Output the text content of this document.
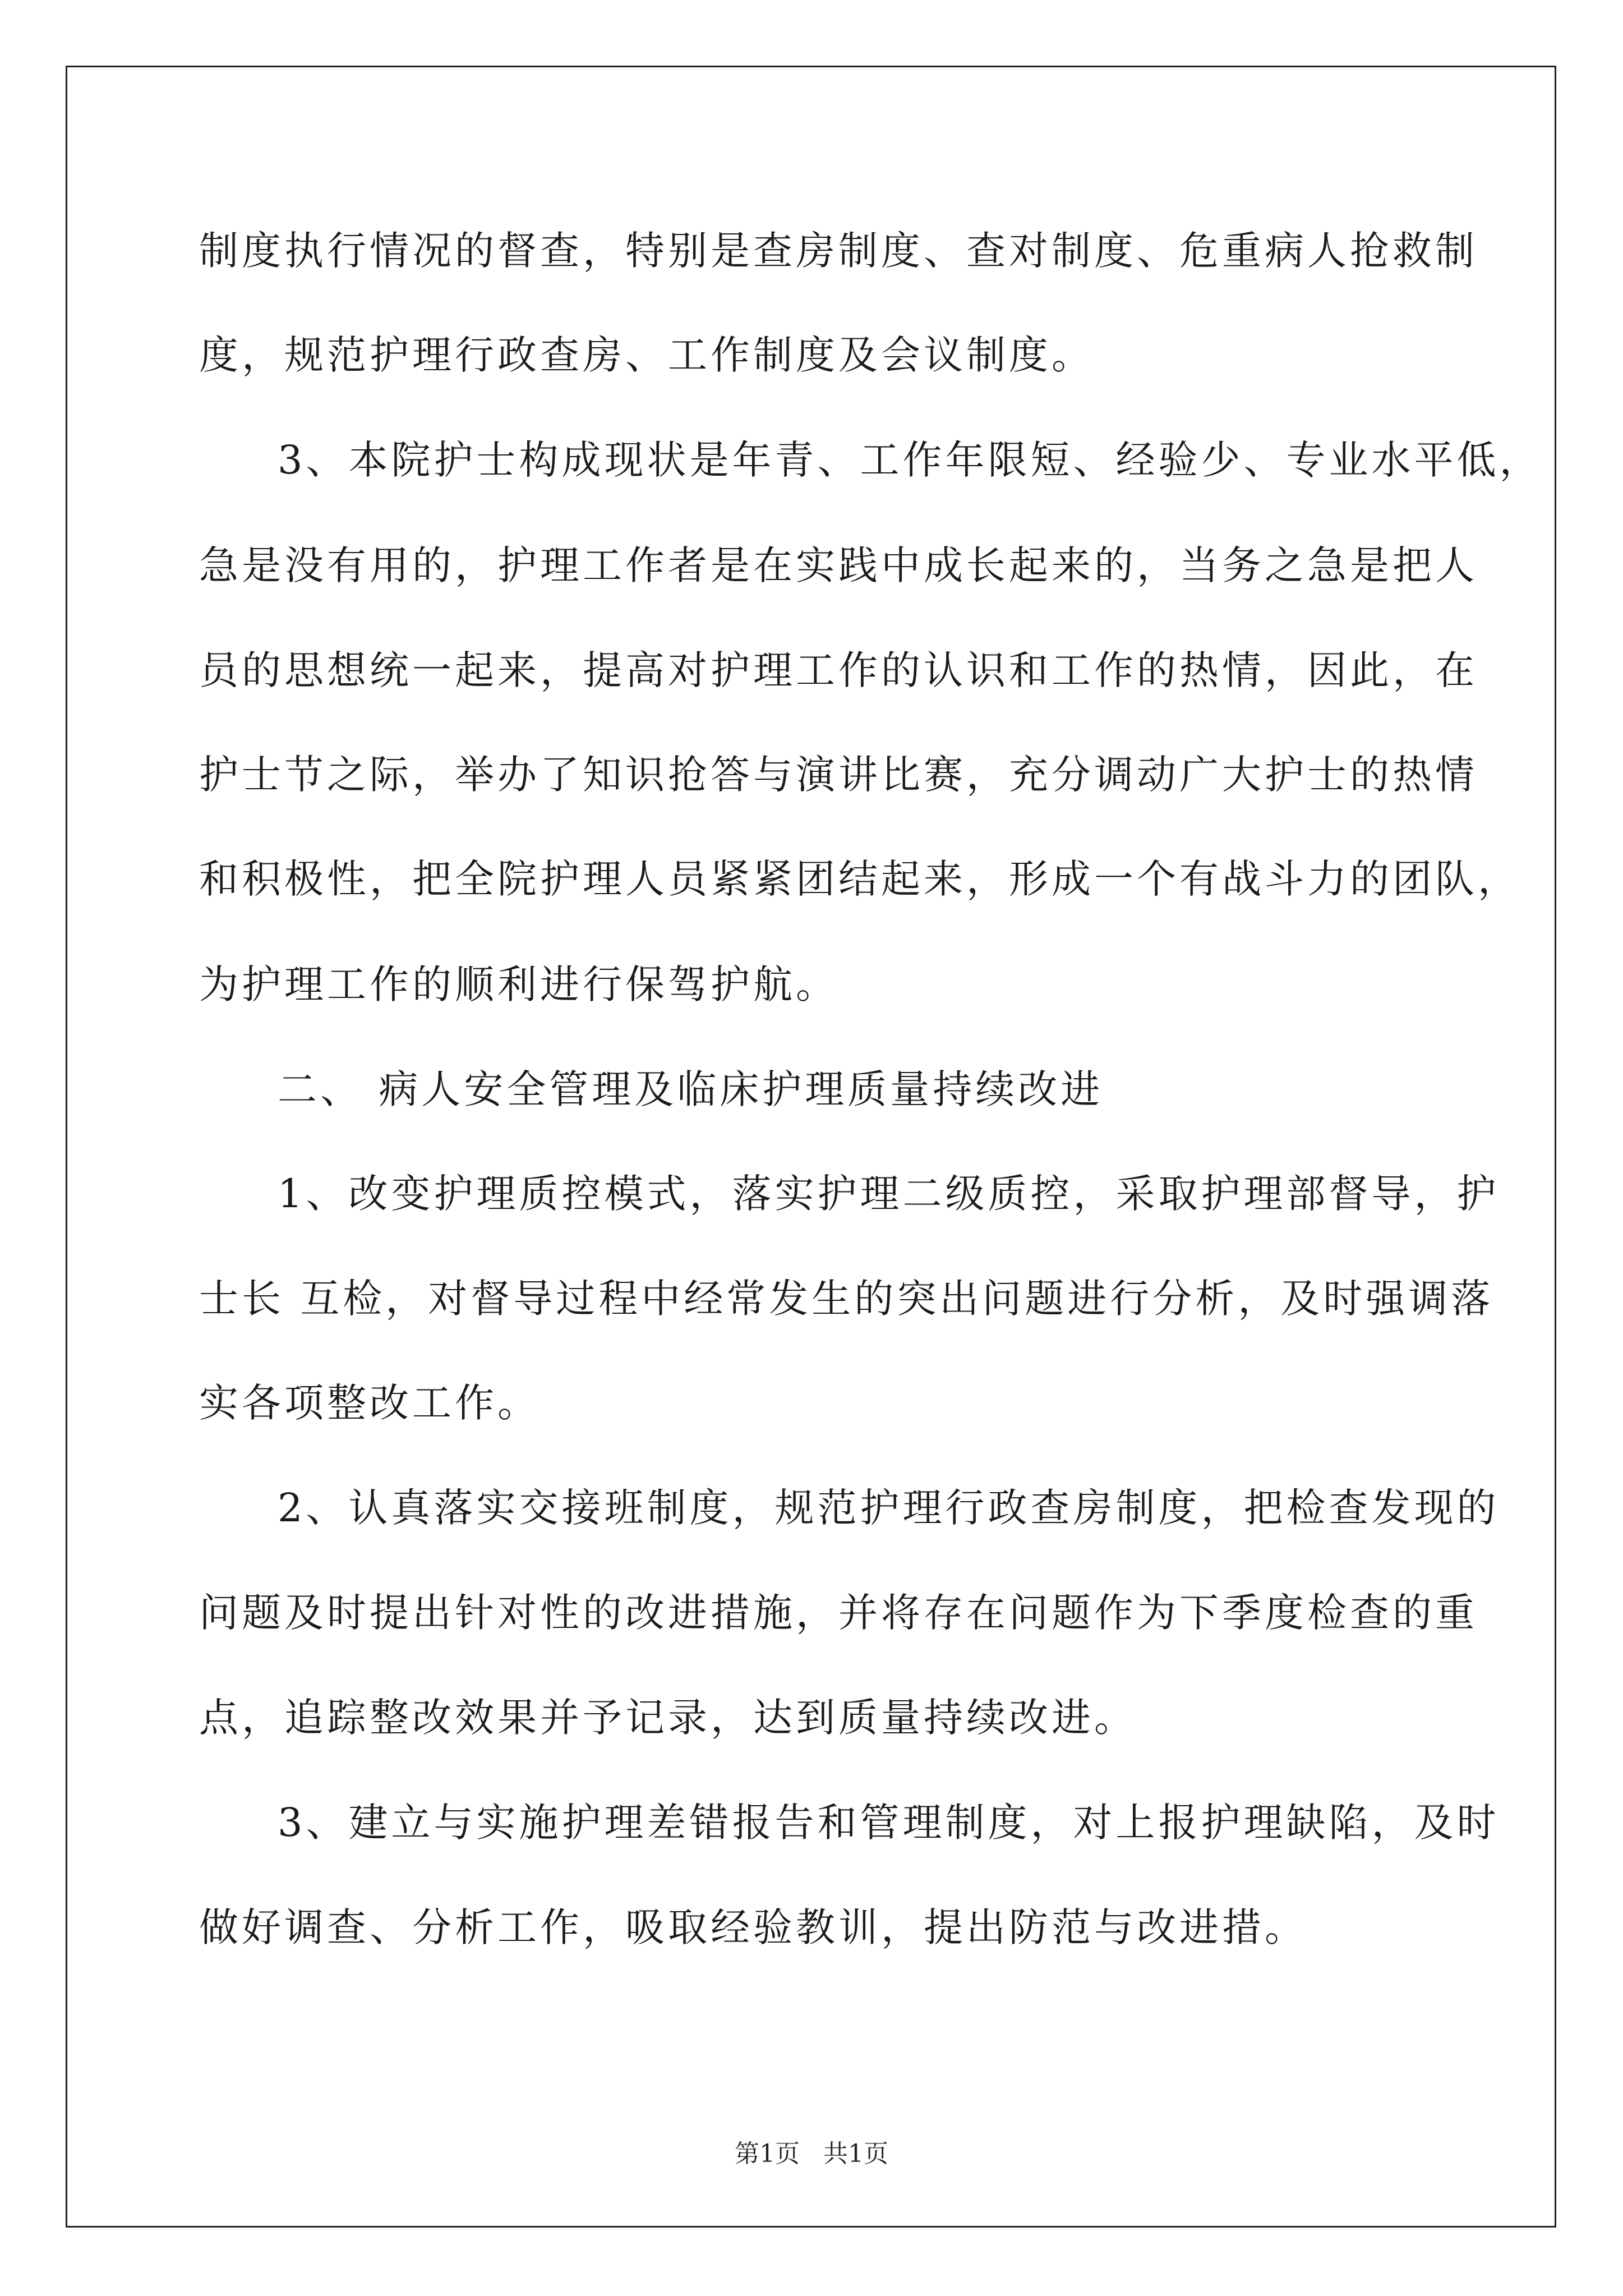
制度执行情况的督查，特别是查房制度、查对制度、危重病人抢救制
度，规范护理行政查房、工作制度及会议制度。
3、本院护士构成现状是年青、工作年限短、经验少、专业水平低，
急是没有用的，护理工作者是在实践中成长起来的，当务之急是把人
员的思想统一起来，提高对护理工作的认识和工作的热情，因此，在
护士节之际，举办了知识抢答与演讲比赛，充分调动广大护士的热情
和积极性，把全院护理人员紧紧团结起来，形成一个有战斗力的团队，
为护理工作的顺利进行保驾护航。
二、 病人安全管理及临床护理质量持续改进
1、改变护理质控模式，落实护理二级质控，采取护理部督导，护
士长 互检，对督导过程中经常发生的突出问题进行分析，及时强调落
实各项整改工作。
2、认真落实交接班制度，规范护理行政查房制度，把检查发现的
问题及时提出针对性的改进措施，并将存在问题作为下季度检查的重
点，追踪整改效果并予记录，达到质量持续改进。
3、建立与实施护理差错报告和管理制度，对上报护理缺陷，及时
做好调查、分析工作，吸取经验教训，提出防范与改进措。
第1页   共1页
